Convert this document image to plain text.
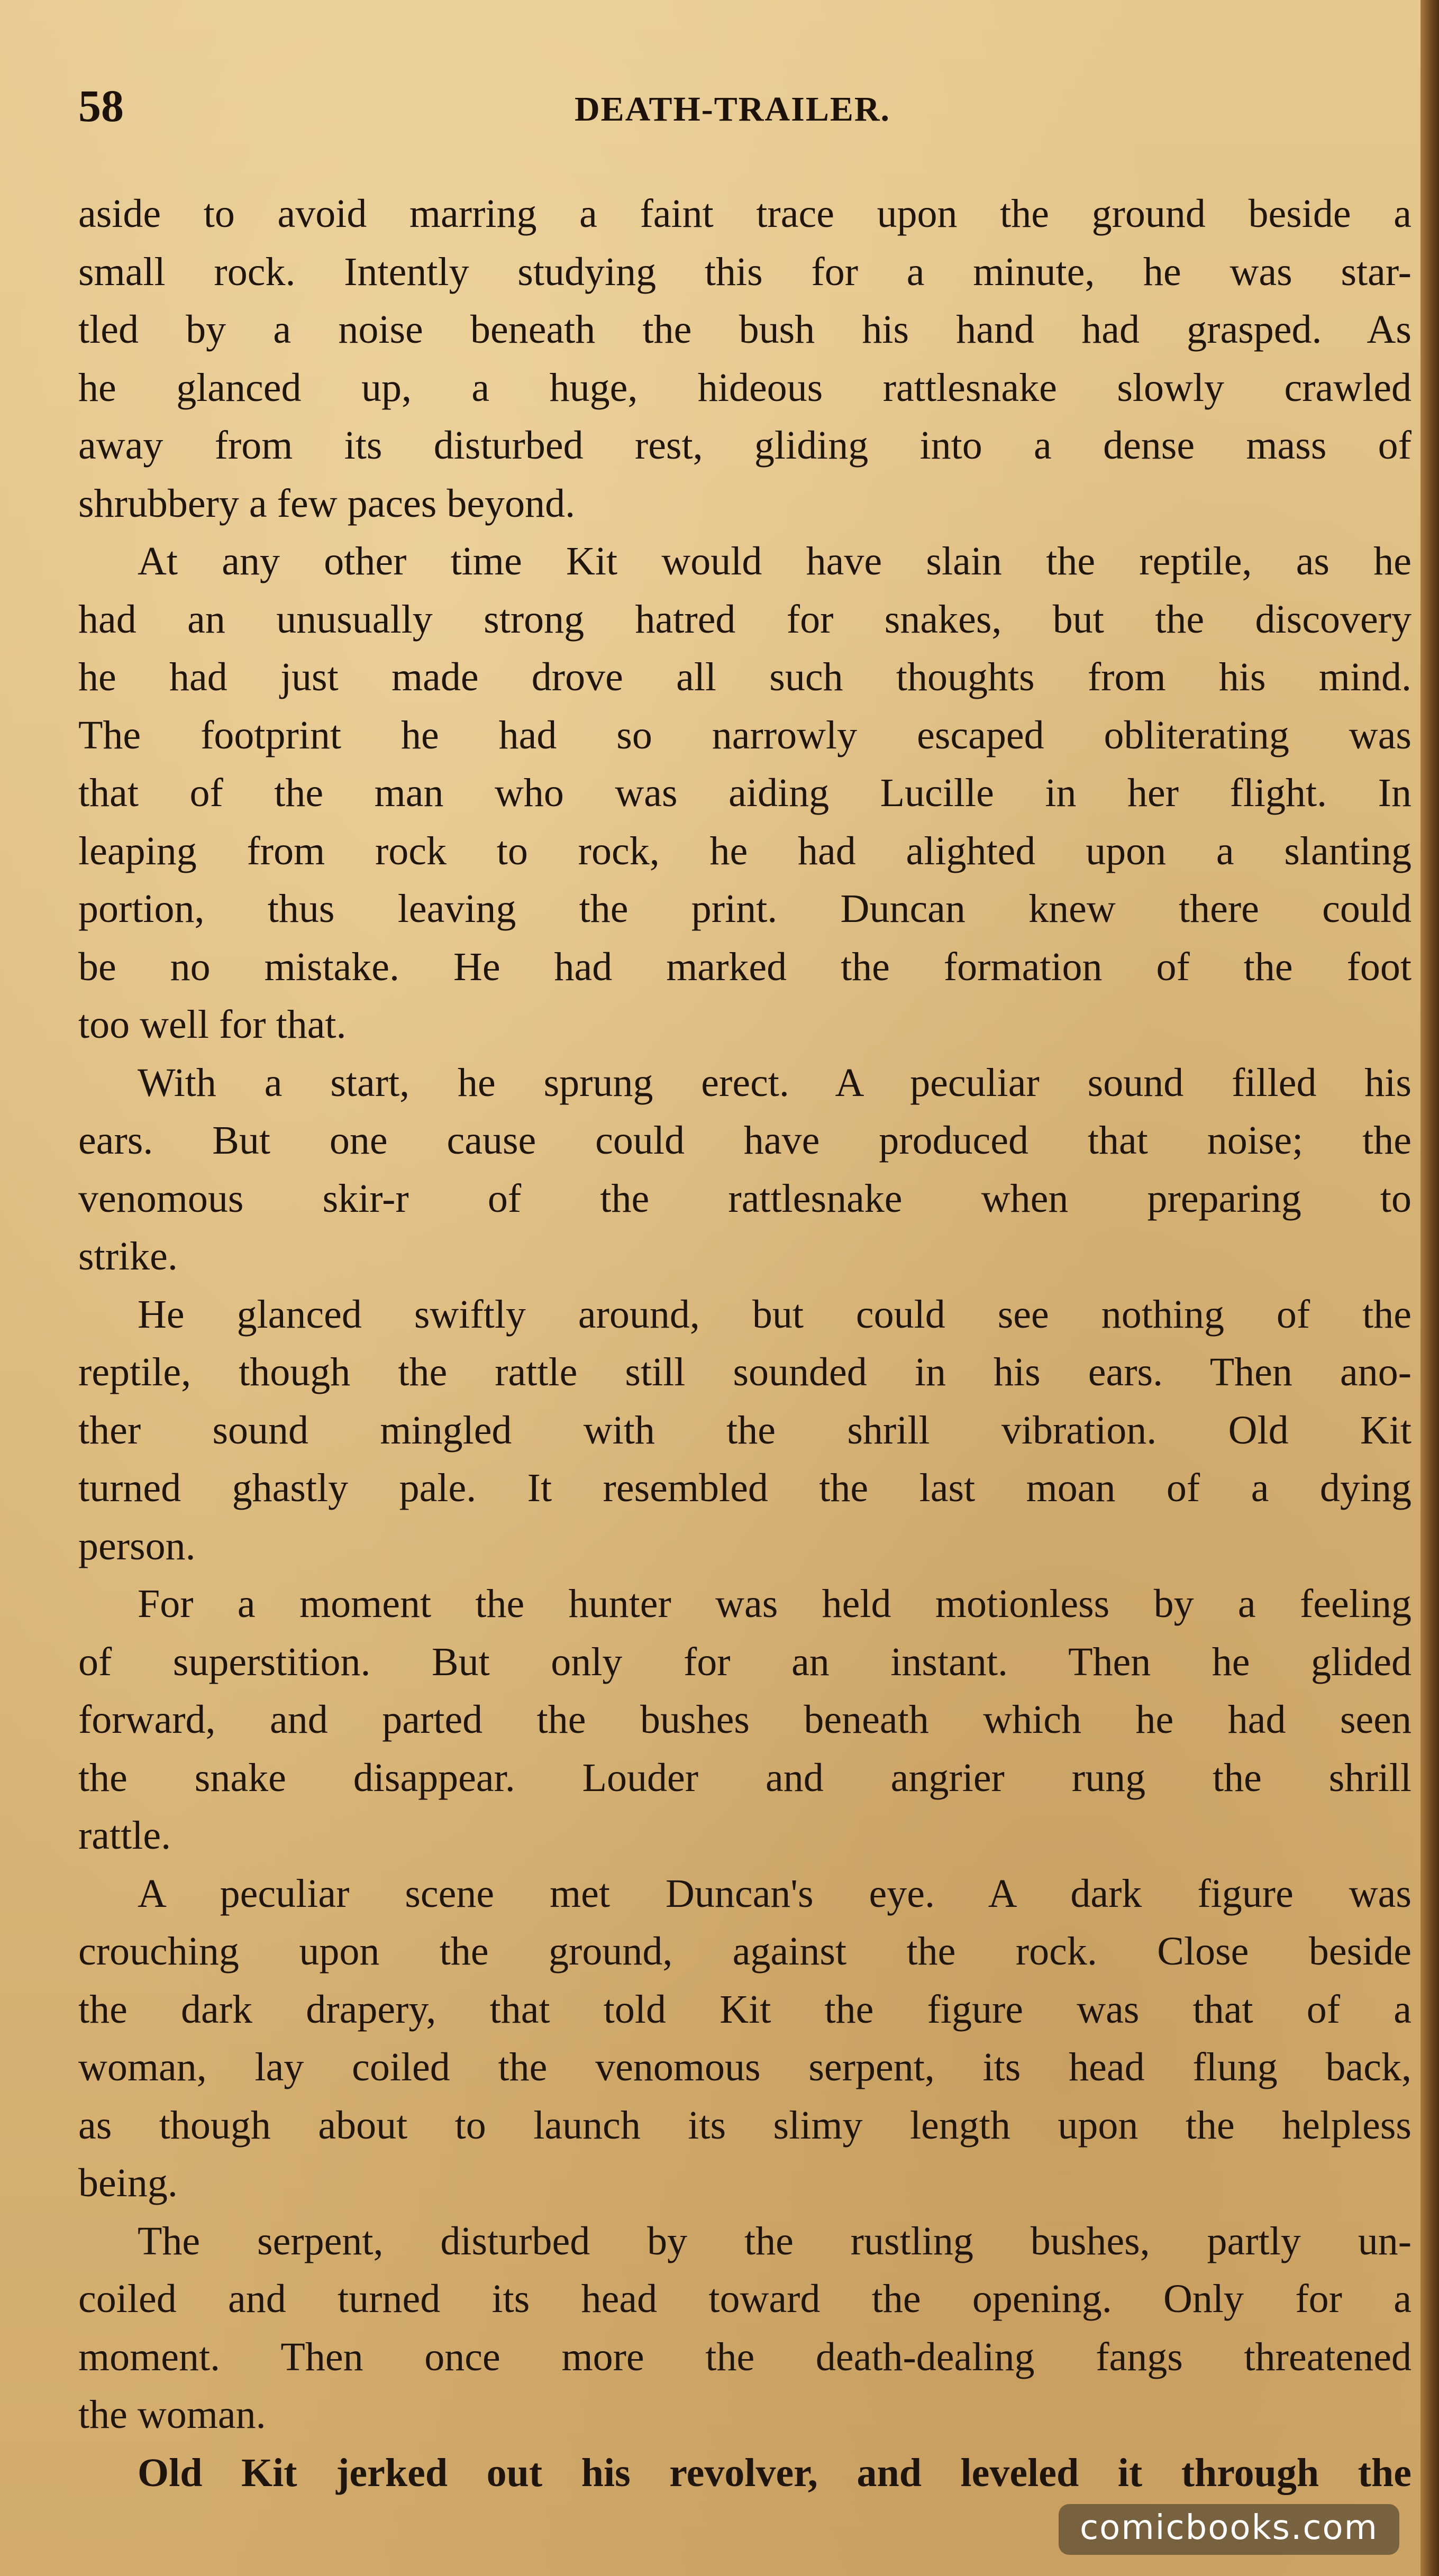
58	DEATH-TRAILER.
aside to avoid marring a faint trace upon the ground beside a
small rock. Intently studying this for a minute, he was star-
tled by a noise beneath the bush his hand had grasped. As
he glanced up, a huge, hideous rattlesnake slowly crawled
away from its disturbed rest, gliding into a dense mass of
shrubbery a few paces beyond.
At any other time Kit would have slain the reptile, as he
had an unusually strong hatred for snakes, but the discovery
he had just made drove all such thoughts from his mind.
The footprint he had so narrowly escaped obliterating was
that of the man who was aiding Lucille in her flight. In
leaping from rock to rock, he had alighted upon a slanting
portion, thus leaving the print. Duncan knew there could
be no mistake. He had marked the formation of the foot
too well for that.
With a start, he sprung erect. A peculiar sound filled his
ears. But one cause could have produced that noise; the
venomous skir-r of the rattlesnake when preparing to
strike.
He glanced swiftly around, but could see nothing of the
reptile, though the rattle still sounded in his ears. Then ano-
ther sound mingled with the shrill vibration. Old Kit
turned ghastly pale. It resembled the last moan of a dying
person.
For a moment the hunter was held motionless by a feeling
of superstition. But only for an instant. Then he glided
forward, and parted the bushes beneath which he had seen
the snake disappear. Louder and angrier rung the shrill
rattle.
A peculiar scene met Duncan's eye. A dark figure was
crouching upon the ground, against the rock. Close beside
the dark drapery, that told Kit the figure was that of a
woman, lay coiled the venomous serpent, its head flung back,
as though about to launch its slimy length upon the helpless
being.
The serpent, disturbed by the rustling bushes, partly un-
coiled and turned its head toward the opening. Only for a
moment. Then once more the death-dealing fangs threatened
the woman.
Old Kit jerked out his revolver, and leveled it through the
comicbooks.com
